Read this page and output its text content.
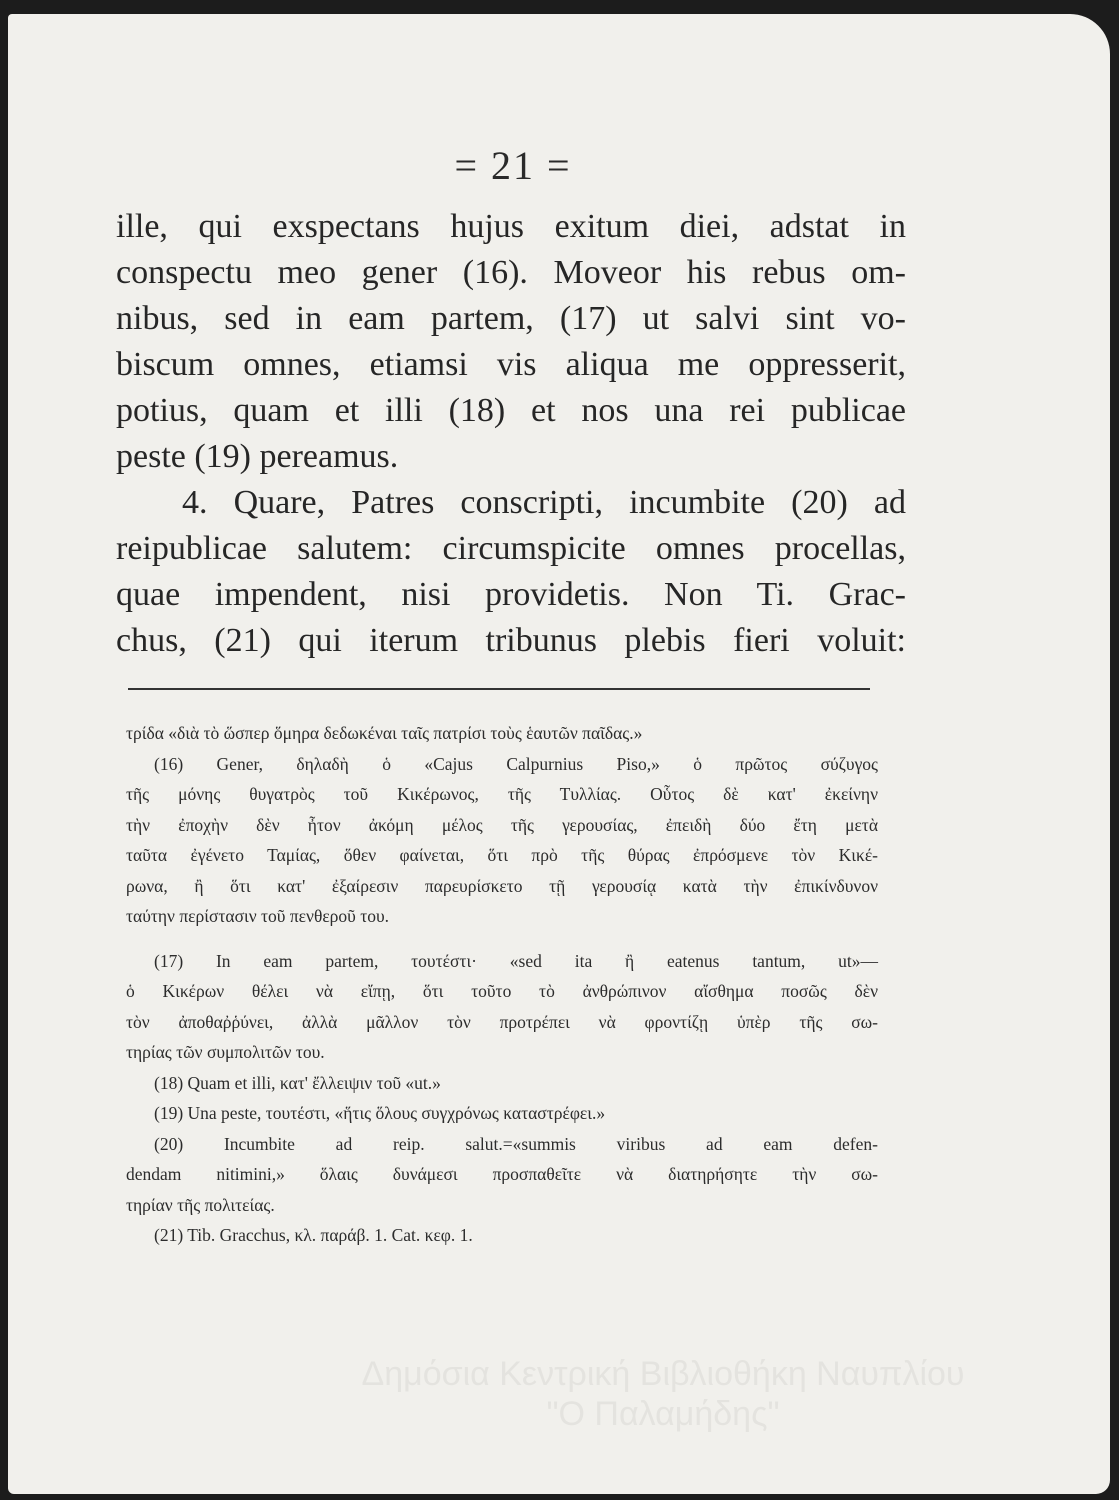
= 21 =
ille, qui exspectans hujus exitum diei, adstat in
conspectu meo gener (16). Moveor his rebus om-
nibus, sed in eam partem, (17) ut salvi sint vo-
biscum omnes, etiamsi vis aliqua me oppresserit,
potius, quam et illi (18) et nos una rei publicae
peste (19) pereamus.
4. Quare, Patres conscripti, incumbite (20) ad
reipublicae salutem: circumspicite omnes procellas,
quae impendent, nisi providetis. Non Ti. Grac-
chus, (21) qui iterum tribunus plebis fieri voluit:
τρίδα «διὰ τὸ ὥσπερ ὅμηρα δεδωκέναι ταῖς πατρίσι τοὺς ἑαυτῶν παῖδας.»
(16) Gener, δηλαδὴ ὁ «Cajus Calpurnius Piso,» ὁ πρῶτος σύζυγος
τῆς μόνης θυγατρὸς τοῦ Κικέρωνος, τῆς Τυλλίας. Οὗτος δὲ κατ' ἐκείνην
τὴν ἐποχὴν δὲν ἦτον ἀκόμη μέλος τῆς γερουσίας, ἐπειδὴ δύο ἔτη μετὰ
ταῦτα ἐγένετο Ταμίας, ὅθεν φαίνεται, ὅτι πρὸ τῆς θύρας ἐπρόσμενε τὸν Κικέ-
ρωνα, ἢ ὅτι κατ' ἐξαίρεσιν παρευρίσκετο τῇ γερουσίᾳ κατὰ τὴν ἐπικίνδυνον
ταύτην περίστασιν τοῦ πενθεροῦ του.
(17) In eam partem, τουτέστι· «sed ita ἢ eatenus tantum, ut»—
ὁ Κικέρων θέλει νὰ εἴπῃ, ὅτι τοῦτο τὸ ἀνθρώπινον αἴσθημα ποσῶς δὲν
τὸν ἀποθαῤῥύνει, ἀλλὰ μᾶλλον τὸν προτρέπει νὰ φροντίζῃ ὑπὲρ τῆς σω-
τηρίας τῶν συμπολιτῶν του.
(18) Quam et illi, κατ' ἔλλειψιν τοῦ «ut.»
(19) Una peste, τουτέστι, «ἥτις ὅλους συγχρόνως καταστρέφει.»
(20) Incumbite ad reip. salut.=«summis viribus ad eam defen-
dendam nitimini,» ὅλαις δυνάμεσι προσπαθεῖτε νὰ διατηρήσητε τὴν σω-
τηρίαν τῆς πολιτείας.
(21) Tib. Gracchus, κλ. παράβ. 1. Cat. κεφ. 1.
Δημόσια Κεντρική Βιβλιοθήκη Ναυπλίου
"Ο Παλαμήδης"
